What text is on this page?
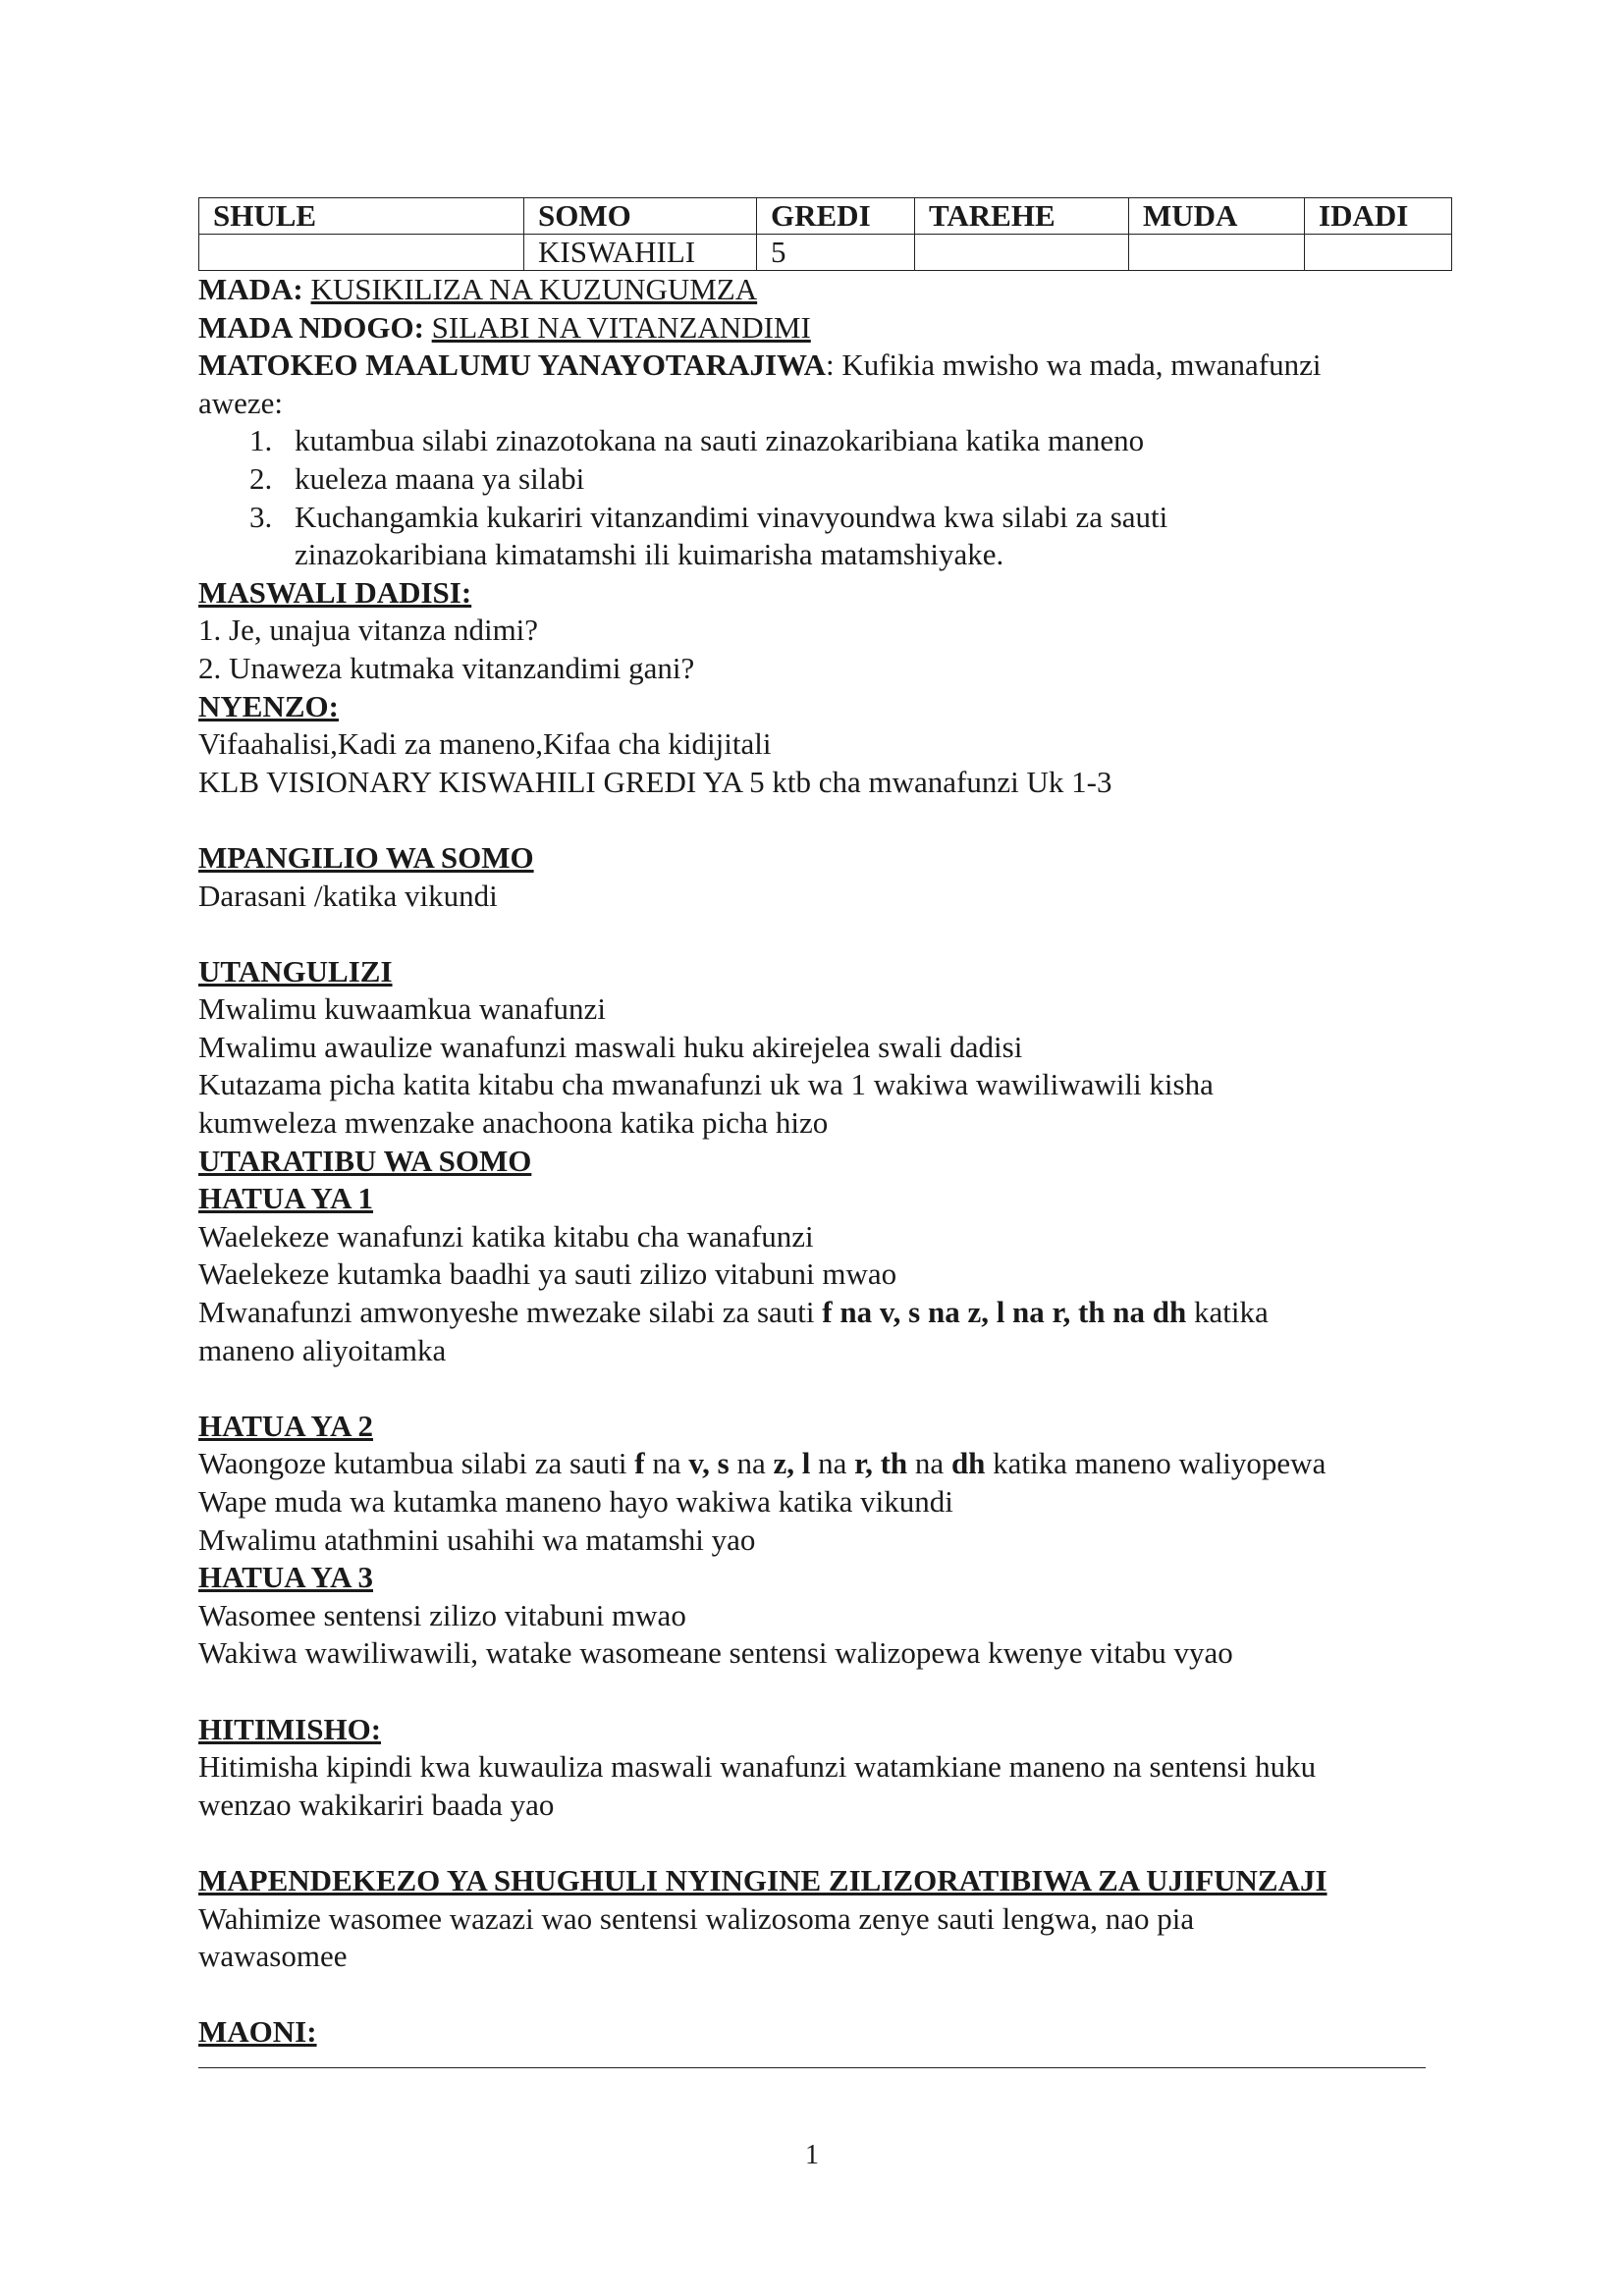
SHULE	SOMO	GREDI	TAREHE	MUDA	IDADI
	KISWAHILI	5			
MADA: KUSIKILIZA NA KUZUNGUMZA
MADA NDOGO: SILABI NA VITANZANDIMI
MATOKEO MAALUMU YANAYOTARAJIWA: Kufikia mwisho wa mada, mwanafunzi
aweze:
1. kutambua silabi zinazotokana na sauti zinazokaribiana katika maneno
2. kueleza maana ya silabi
3. Kuchangamkia kukariri vitanzandimi vinavyoundwa kwa silabi za sauti
zinazokaribiana kimatamshi ili kuimarisha matamshiyake.
MASWALI DADISI:
1. Je, unajua vitanza ndimi?
2. Unaweza kutmaka vitanzandimi gani?
NYENZO:
Vifaahalisi,Kadi za maneno,Kifaa cha kidijitali
KLB VISIONARY KISWAHILI GREDI YA 5 ktb cha mwanafunzi Uk 1-3
MPANGILIO WA SOMO
Darasani /katika vikundi
UTANGULIZI
Mwalimu kuwaamkua wanafunzi
Mwalimu awaulize wanafunzi maswali huku akirejelea swali dadisi
Kutazama picha katita kitabu cha mwanafunzi uk wa 1 wakiwa wawiliwawili kisha
kumweleza mwenzake anachoona katika picha hizo
UTARATIBU WA SOMO
HATUA YA 1
Waelekeze wanafunzi katika kitabu cha wanafunzi
Waelekeze kutamka baadhi ya sauti zilizo vitabuni mwao
Mwanafunzi amwonyeshe mwezake silabi za sauti f na v, s na z, l na r, th na dh katika
maneno aliyoitamka
HATUA YA 2
Waongoze kutambua silabi za sauti f na v, s na z, l na r, th na dh katika maneno waliyopewa
Wape muda wa kutamka maneno hayo wakiwa katika vikundi
Mwalimu atathmini usahihi wa matamshi yao
HATUA YA 3
Wasomee sentensi zilizo vitabuni mwao
Wakiwa wawiliwawili, watake wasomeane sentensi walizopewa kwenye vitabu vyao
HITIMISHO:
Hitimisha kipindi kwa kuwauliza maswali wanafunzi watamkiane maneno na sentensi huku
wenzao wakikariri baada yao
MAPENDEKEZO YA SHUGHULI NYINGINE ZILIZORATIBIWA ZA UJIFUNZAJI
Wahimize wasomee wazazi wao sentensi walizosoma zenye sauti lengwa, nao pia
wawasomee
MAONI:
1
